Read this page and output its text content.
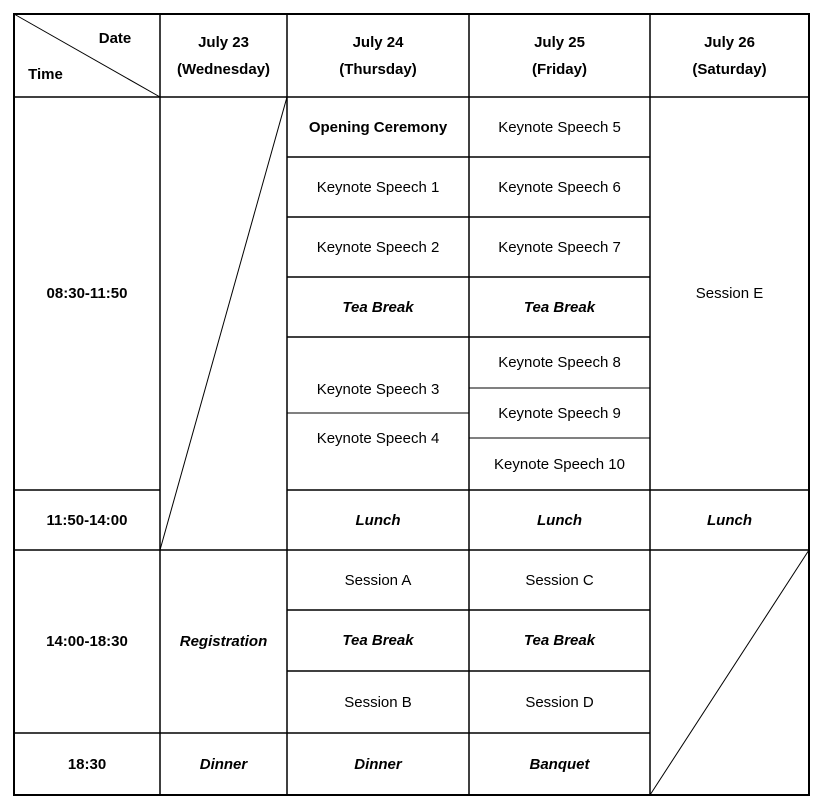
Date
Time
July 23
(Wednesday)
July 24
(Thursday)
July 25
(Friday)
July 26
(Saturday)
08:30-11:50
11:50-14:00
14:00-18:30
18:30
Opening Ceremony
Keynote Speech 1
Keynote Speech 2
Tea Break
Keynote Speech 3
Keynote Speech 4
Lunch
Session A
Tea Break
Session B
Dinner
Keynote Speech 5
Keynote Speech 6
Keynote Speech 7
Tea Break
Keynote Speech 8
Keynote Speech 9
Keynote Speech 10
Lunch
Session C
Tea Break
Session D
Banquet
Registration
Dinner
Session E
Lunch
